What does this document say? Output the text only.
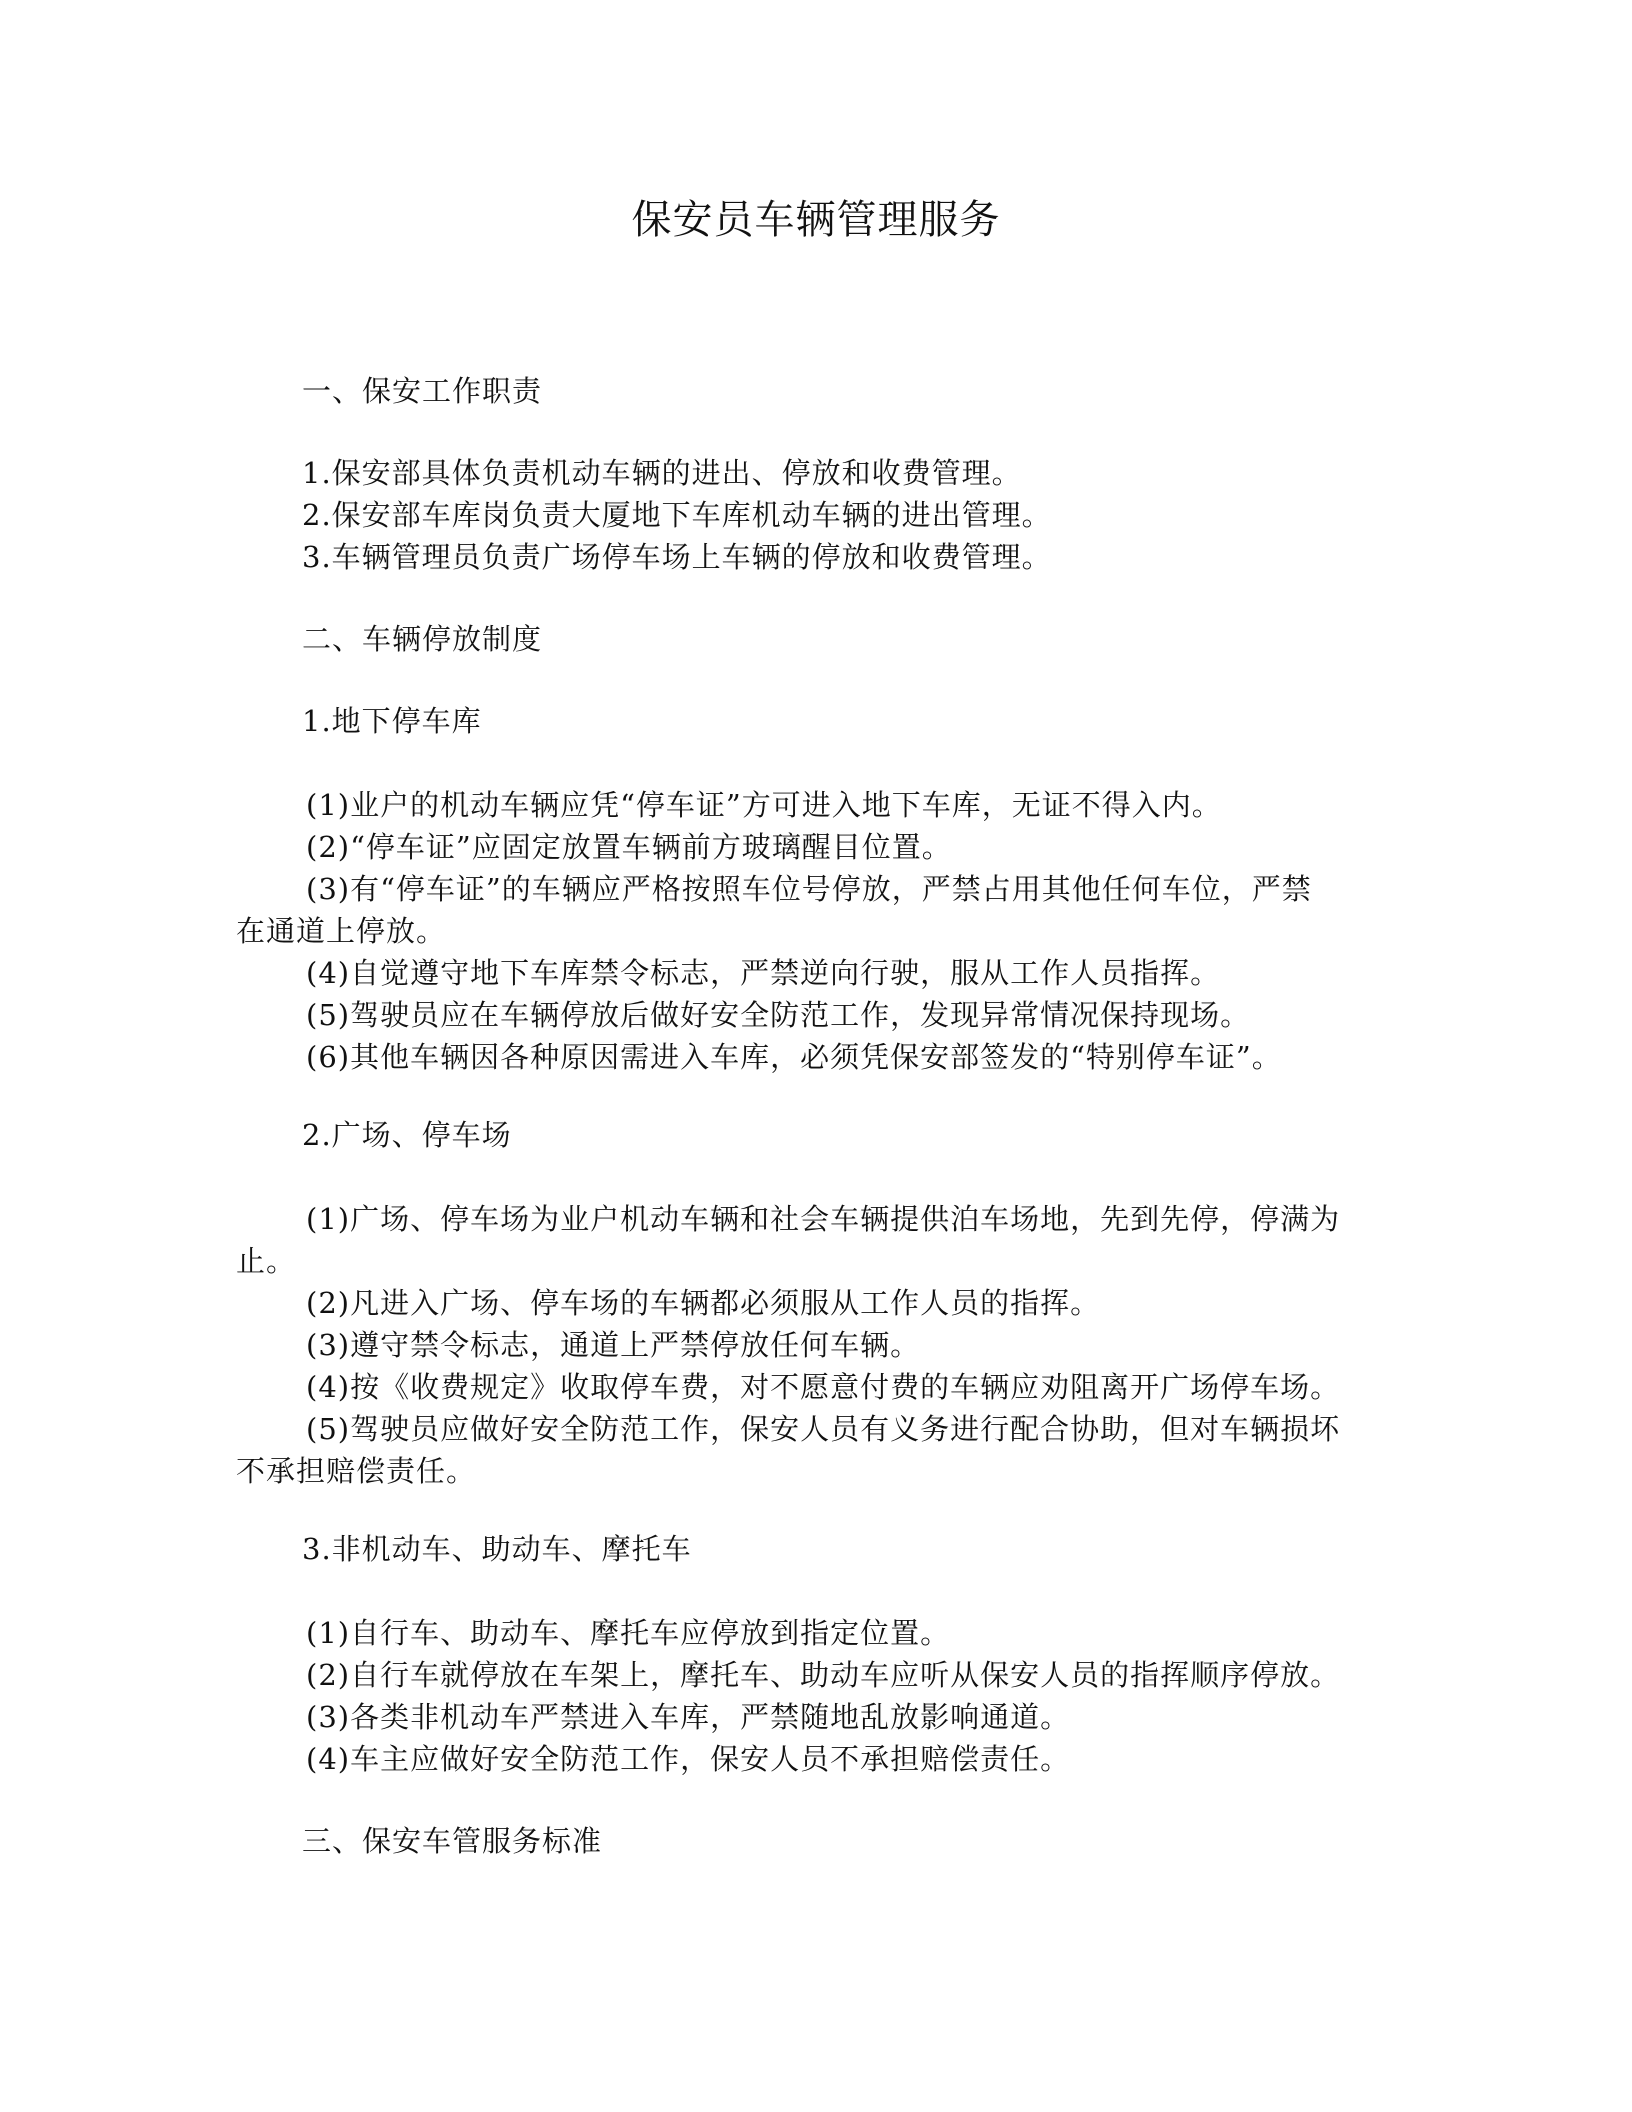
保安员车辆管理服务
一、保安工作职责
1.保安部具体负责机动车辆的进出、停放和收费管理。
2.保安部车库岗负责大厦地下车库机动车辆的进出管理。
3.车辆管理员负责广场停车场上车辆的停放和收费管理。
二、车辆停放制度
1.地下停车库
(1)业户的机动车辆应凭“停车证”方可进入地下车库，无证不得入内。
(2)“停车证”应固定放置车辆前方玻璃醒目位置。
(3)有“停车证”的车辆应严格按照车位号停放，严禁占用其他任何车位，严禁
在通道上停放。
(4)自觉遵守地下车库禁令标志，严禁逆向行驶，服从工作人员指挥。
(5)驾驶员应在车辆停放后做好安全防范工作，发现异常情况保持现场。
(6)其他车辆因各种原因需进入车库，必须凭保安部签发的“特别停车证”。
2.广场、停车场
(1)广场、停车场为业户机动车辆和社会车辆提供泊车场地，先到先停，停满为
止。
(2)凡进入广场、停车场的车辆都必须服从工作人员的指挥。
(3)遵守禁令标志，通道上严禁停放任何车辆。
(4)按《收费规定》收取停车费，对不愿意付费的车辆应劝阻离开广场停车场。
(5)驾驶员应做好安全防范工作，保安人员有义务进行配合协助，但对车辆损坏
不承担赔偿责任。
3.非机动车、助动车、摩托车
(1)自行车、助动车、摩托车应停放到指定位置。
(2)自行车就停放在车架上，摩托车、助动车应听从保安人员的指挥顺序停放。
(3)各类非机动车严禁进入车库，严禁随地乱放影响通道。
(4)车主应做好安全防范工作，保安人员不承担赔偿责任。
三、保安车管服务标准
